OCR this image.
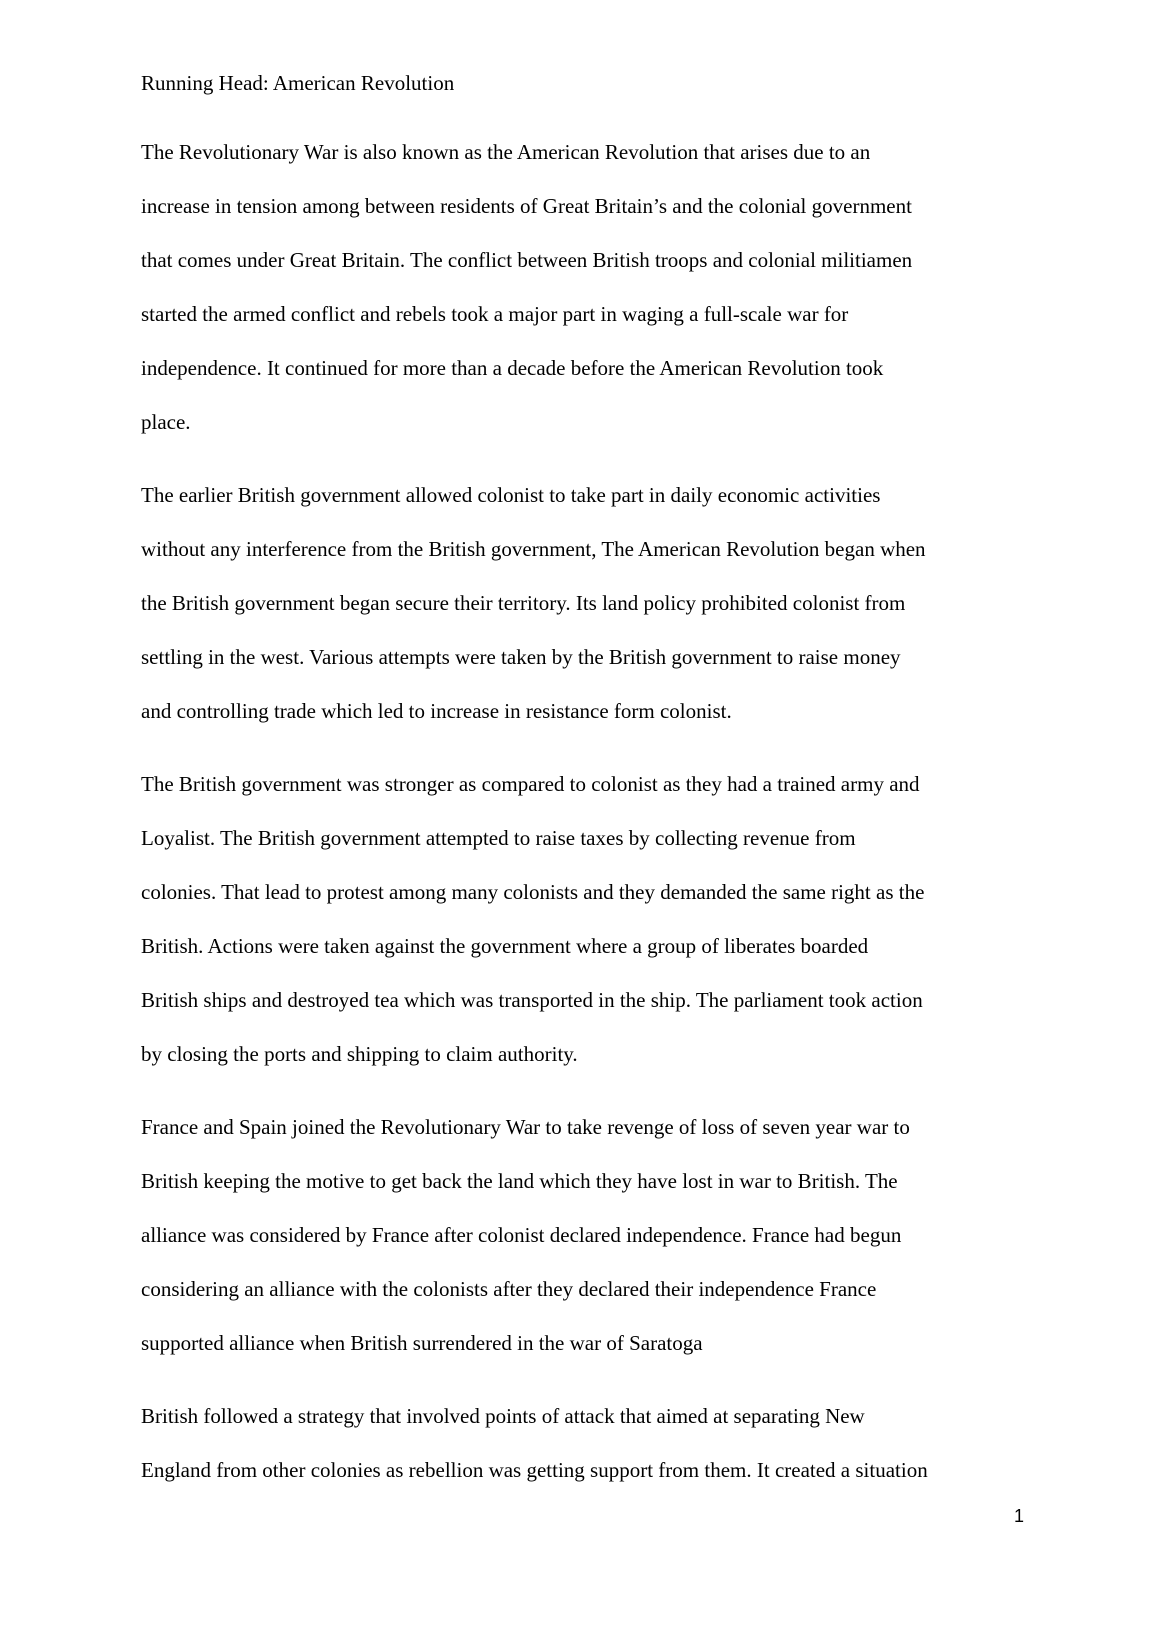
Running Head: American Revolution
The Revolutionary War is also known as the American Revolution that arises due to an
increase in tension among between residents of Great Britain’s and the colonial government
that comes under Great Britain. The conflict between British troops and colonial militiamen
started the armed conflict and rebels took a major part in waging a full-scale war for
independence. It continued for more than a decade before the American Revolution took
place.
The earlier British government allowed colonist to take part in daily economic activities
without any interference from the British government, The American Revolution began when
the British government began secure their territory. Its land policy prohibited colonist from
settling in the west. Various attempts were taken by the British government to raise money
and controlling trade which led to increase in resistance form colonist.
The British government was stronger as compared to colonist as they had a trained army and
Loyalist. The British government attempted to raise taxes by collecting revenue from
colonies. That lead to protest among many colonists and they demanded the same right as the
British. Actions were taken against the government where a group of liberates boarded
British ships and destroyed tea which was transported in the ship. The parliament took action
by closing the ports and shipping to claim authority.
France and Spain joined the Revolutionary War to take revenge of loss of seven year war to
British keeping the motive to get back the land which they have lost in war to British. The
alliance was considered by France after colonist declared independence. France had begun
considering an alliance with the colonists after they declared their independence France
supported alliance when British surrendered in the war of Saratoga
British followed a strategy that involved points of attack that aimed at separating New
England from other colonies as rebellion was getting support from them. It created a situation
1
